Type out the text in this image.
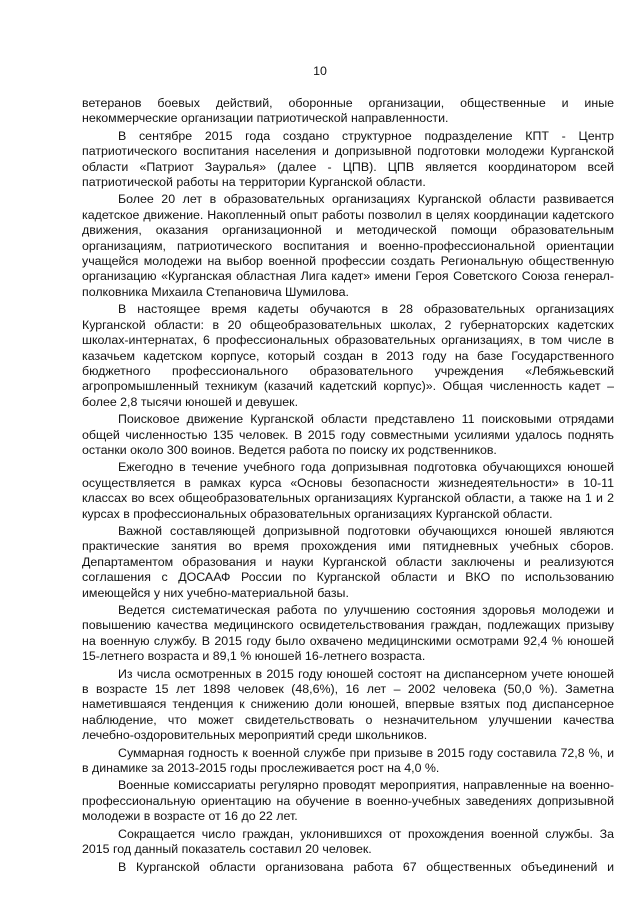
10

ветеранов боевых действий, оборонные организации, общественные и иные некоммерческие организации патриотической направленности.

В сентябре 2015 года создано структурное подразделение КПТ - Центр патриотического воспитания населения и допризывной подготовки молодежи Курганской области «Патриот Зауралья» (далее - ЦПВ). ЦПВ является координатором всей патриотической работы на территории Курганской области.

Более 20 лет в образовательных организациях Курганской области развивается кадетское движение. Накопленный опыт работы позволил в целях координации кадетского движения, оказания организационной и методической помощи образовательным организациям, патриотического воспитания и военно-профессиональной ориентации учащейся молодежи на выбор военной профессии создать Региональную общественную организацию «Курганская областная Лига кадет» имени Героя Советского Союза генерал-полковника Михаила Степановича Шумилова.

В настоящее время кадеты обучаются в 28 образовательных организациях Курганской области: в 20 общеобразовательных школах, 2 губернаторских кадетских школах-интернатах, 6 профессиональных образовательных организациях, в том числе в казачьем кадетском корпусе, который создан в 2013 году на базе Государственного бюджетного профессионального образовательного учреждения «Лебяжьевский агропромышленный техникум (казачий кадетский корпус)». Общая численность кадет – более 2,8 тысячи юношей и девушек.

Поисковое движение Курганской области представлено 11 поисковыми отрядами общей численностью 135 человек. В 2015 году совместными усилиями удалось поднять останки около 300 воинов. Ведется работа по поиску их родственников.

Ежегодно в течение учебного года допризывная подготовка обучающихся юношей осуществляется в рамках курса «Основы безопасности жизнедеятельности» в 10-11 классах во всех общеобразовательных организациях Курганской области, а также на 1 и 2 курсах в профессиональных образовательных организациях Курганской области.

Важной составляющей допризывной подготовки обучающихся юношей являются практические занятия во время прохождения ими пятидневных учебных сборов. Департаментом образования и науки Курганской области заключены и реализуются соглашения с ДОСААФ России по Курганской области и ВКО по использованию имеющейся у них учебно-материальной базы.

Ведется систематическая работа по улучшению состояния здоровья молодежи и повышению качества медицинского освидетельствования граждан, подлежащих призыву на военную службу. В 2015 году было охвачено медицинскими осмотрами 92,4 % юношей 15-летнего возраста и 89,1 % юношей 16-летнего возраста.

Из числа осмотренных в 2015 году юношей состоят на диспансерном учете юношей в возрасте 15 лет 1898 человек (48,6%), 16 лет – 2002 человека (50,0 %). Заметна наметившаяся тенденция к снижению доли юношей, впервые взятых под диспансерное наблюдение, что может свидетельствовать о незначительном улучшении качества лечебно-оздоровительных мероприятий среди школьников.

Суммарная годность к военной службе при призыве в 2015 году составила 72,8 %, и в динамике за 2013-2015 годы прослеживается рост на 4,0 %.

Военные комиссариаты регулярно проводят мероприятия, направленные на военно-профессиональную ориентацию на обучение в военно-учебных заведениях допризывной молодежи в возрасте от 16 до 22 лет.

Сокращается число граждан, уклонившихся от прохождения военной службы. За 2015 год данный показатель составил 20 человек.

В Курганской области организована работа 67 общественных объединений и
